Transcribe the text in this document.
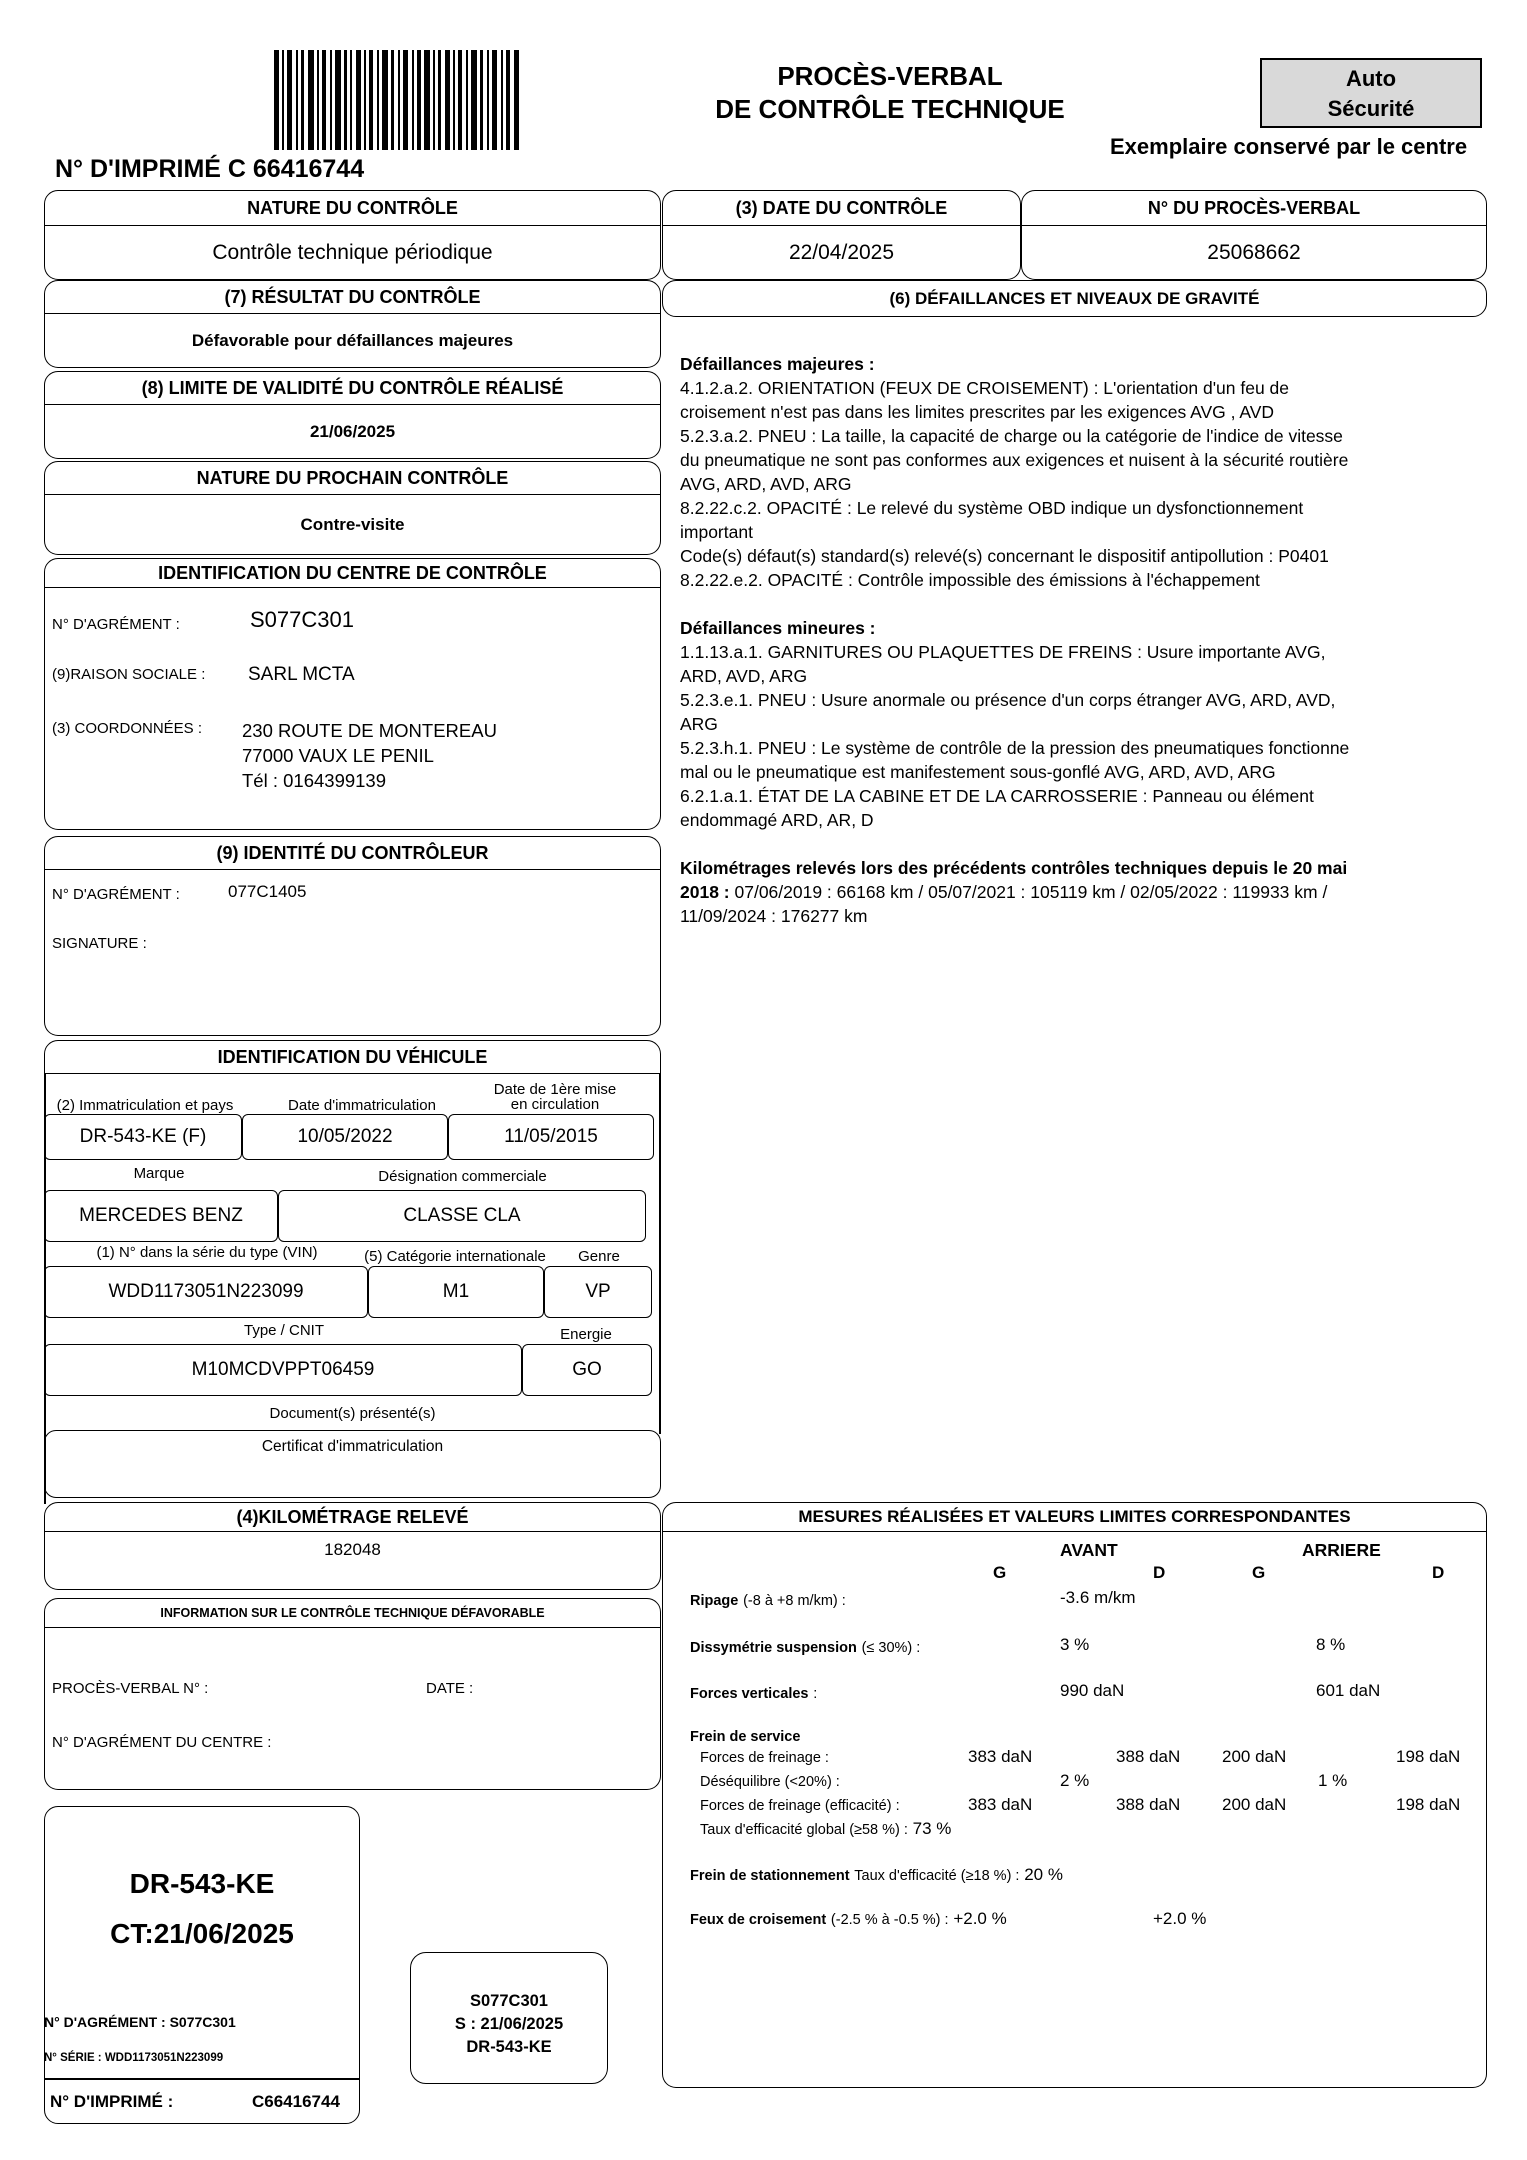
N° D'IMPRIMÉ C 66416744
PROCÈS-VERBAL
DE CONTRÔLE TECHNIQUE
Auto
Sécurité
Exemplaire conservé par le centre
NATURE DU CONTRÔLE
Contrôle technique périodique
(3) DATE DU CONTRÔLE
22/04/2025
N° DU PROCÈS-VERBAL
25068662
(7) RÉSULTAT DU CONTRÔLE
Défavorable pour défaillances majeures
(8) LIMITE DE VALIDITÉ DU CONTRÔLE RÉALISÉ
21/06/2025
NATURE DU PROCHAIN CONTRÔLE
Contre-visite
IDENTIFICATION DU CENTRE DE CONTRÔLE
N° D'AGRÉMENT :	S077C301
(9)RAISON SOCIALE : SARL MCTA
(3) COORDONNÉES : 230 ROUTE DE MONTEREAU
77000 VAUX LE PENIL
Tél : 0164399139
(9) IDENTITÉ DU CONTRÔLEUR
N° D'AGRÉMENT :	077C1405
SIGNATURE :
IDENTIFICATION DU VÉHICULE
(2) Immatriculation et pays	Date d'immatriculation
Date de 1ère mise
en circulation
DR-543-KE (F)	10/05/2022	11/05/2015
Marque	Désignation commerciale
MERCEDES BENZ	CLASSE CLA
(1) N° dans la série du type (VIN)	(5) Catégorie internationale	Genre
WDD1173051N223099	M1	VP
Type / CNIT	Energie
M10MCDVPPT06459	GO
Document(s) présenté(s)
Certificat d'immatriculation
(4)KILOMÉTRAGE RELEVÉ
182048
INFORMATION SUR LE CONTRÔLE TECHNIQUE DÉFAVORABLE
PROCÈS-VERBAL N° :	DATE :
N° D'AGRÉMENT DU CENTRE :
DR-543-KE
CT:21/06/2025
N° D'AGRÉMENT : S077C301
N° SÉRIE : WDD1173051N223099
N° D'IMPRIMÉ :	C66416744
S077C301
S : 21/06/2025
DR-543-KE
(6) DÉFAILLANCES ET NIVEAUX DE GRAVITÉ

Défaillances majeures :

4.1.2.a.2. ORIENTATION (FEUX DE CROISEMENT) : L'orientation d'un feu de

croisement n'est pas dans les limites prescrites par les exigences AVG , AVD

5.2.3.a.2. PNEU : La taille, la capacité de charge ou la catégorie de l'indice de vitesse

du pneumatique ne sont pas conformes aux exigences et nuisent à la sécurité routière

AVG, ARD, AVD, ARG

8.2.22.c.2. OPACITÉ : Le relevé du système OBD indique un dysfonctionnement

important

Code(s) défaut(s) standard(s) relevé(s) concernant le dispositif antipollution : P0401

8.2.22.e.2. OPACITÉ : Contrôle impossible des émissions à l'échappement

Défaillances mineures :

1.1.13.a.1. GARNITURES OU PLAQUETTES DE FREINS : Usure importante AVG,

ARD, AVD, ARG

5.2.3.e.1. PNEU : Usure anormale ou présence d'un corps étranger AVG, ARD, AVD,

ARG

5.2.3.h.1. PNEU : Le système de contrôle de la pression des pneumatiques fonctionne

mal ou le pneumatique est manifestement sous-gonflé AVG, ARD, AVD, ARG

6.2.1.a.1. ÉTAT DE LA CABINE ET DE LA CARROSSERIE : Panneau ou élément

endommagé ARD, AR, D

Kilométrages relevés lors des précédents contrôles techniques depuis le 20 mai

2018 : 07/06/2019 : 66168 km / 05/07/2021 : 105119 km / 02/05/2022 : 119933 km /

11/09/2024 : 176277 km

MESURES RÉALISÉES ET VALEURS LIMITES CORRESPONDANTES
AVANT	ARRIERE
G	D	G	D
Ripage (-8 à +8 m/km) :	-3.6 m/km
Dissymétrie suspension (≤ 30%) :	3 %	8 %
Forces verticales :	990 daN	601 daN
Frein de service
Forces de freinage :	383 daN	388 daN 200 daN	198 daN
Déséquilibre (<20%) :	2 %	1 %
Forces de freinage (efficacité) :	383 daN	388 daN 200 daN	198 daN
Taux d'efficacité global (≥58 %) : 73 %
Frein de stationnement Taux d'efficacité (≥18 %) : 20 %
Feux de croisement (-2.5 % à -0.5 %) : +2.0 %	+2.0 %
